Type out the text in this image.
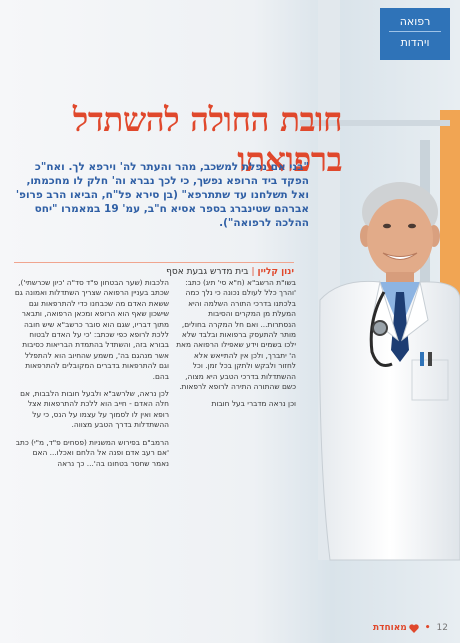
רפואה
ויהדות
חובת החולה להשתדל ברפואתו
"בני אם נפלת למשכב, מהר והעתר לה' וירפא לך. ואח"כ הפקד ביד הרופא נפשך, כי לכך נברא וה' חלק לו מחכמתו, ואל תשלחנו עד שתתרפא" (בן סירא פל"ח, הביאו הרב פרופ' אברהם שטינברג בספר אסיא ח"ב, עמ' 19 במאמרו "יחס ההלכה לרפואה").
ינון קליין|בית מדרש גבעת אסף

בשו"ת הרשב"א (ח"א סי' תיג) כתב: 'והרך כלל לעולם נכונה כי נלך כמה בלכתנו בדרכי התורה השלמה והיא המעלת מן המקרים והסיבות הנסתרות... ואם חל המקרה בחולים, מותר להתעסק ברפואות ובלבד שלא ילכו בשמים וידע שאפילו הרפואה מאת ה' יתברך, ולכן אין להתייאש אלא לחזור ולבקש ולתקן בכל זמן. וכל ההשתדלות בדרכי הטבע היא מצוה, כשם שהתורה התירה לרופא לרפאות.

וכן נראה מדברי בעל חובות

הלכבות (שער הבטחון פ"ד סד"ה 'כיון שכרשתי'), שכתב בעניין הרפואה שצריך השתדלות ואמונה גם ששאת האדם מה שכבחנו כדי להתרפאות וגם שישכון שאף הוא הרופא ומכאן הרפואה, ותבאר מתוך דבריו, שגם הוא סובר כרשב"א שיש חובה ללכת לרופא כפי שכתב: 'כי על האדם לבטוח בבורא בזה, והשתדל בהתמדת הבריאות כסיבות אשר מנהגם בה', משמע שהחיוב הוא להתפלל וגם להתרפאות בדברים המקובלים להתרפאות בהם.

לכן נראה, שלרשב"א ולבעל חובות הלבבות, אם חלה האדם - חייב הוא ללכת להתרפאות אצל רופא ואין לו לסמוך על עצמו על הנס, כי על ההשתדלות בדרך הטבע מצווה.

הרמב"ם בפירוש המשניות (פסחים פ"ד, מ"י) כתב 'אם רעב אדם ופנה אל הלחם ואכלו... האם נאמר שחסר בטחונו בה'... כך נראה

מאוחדת • 12
